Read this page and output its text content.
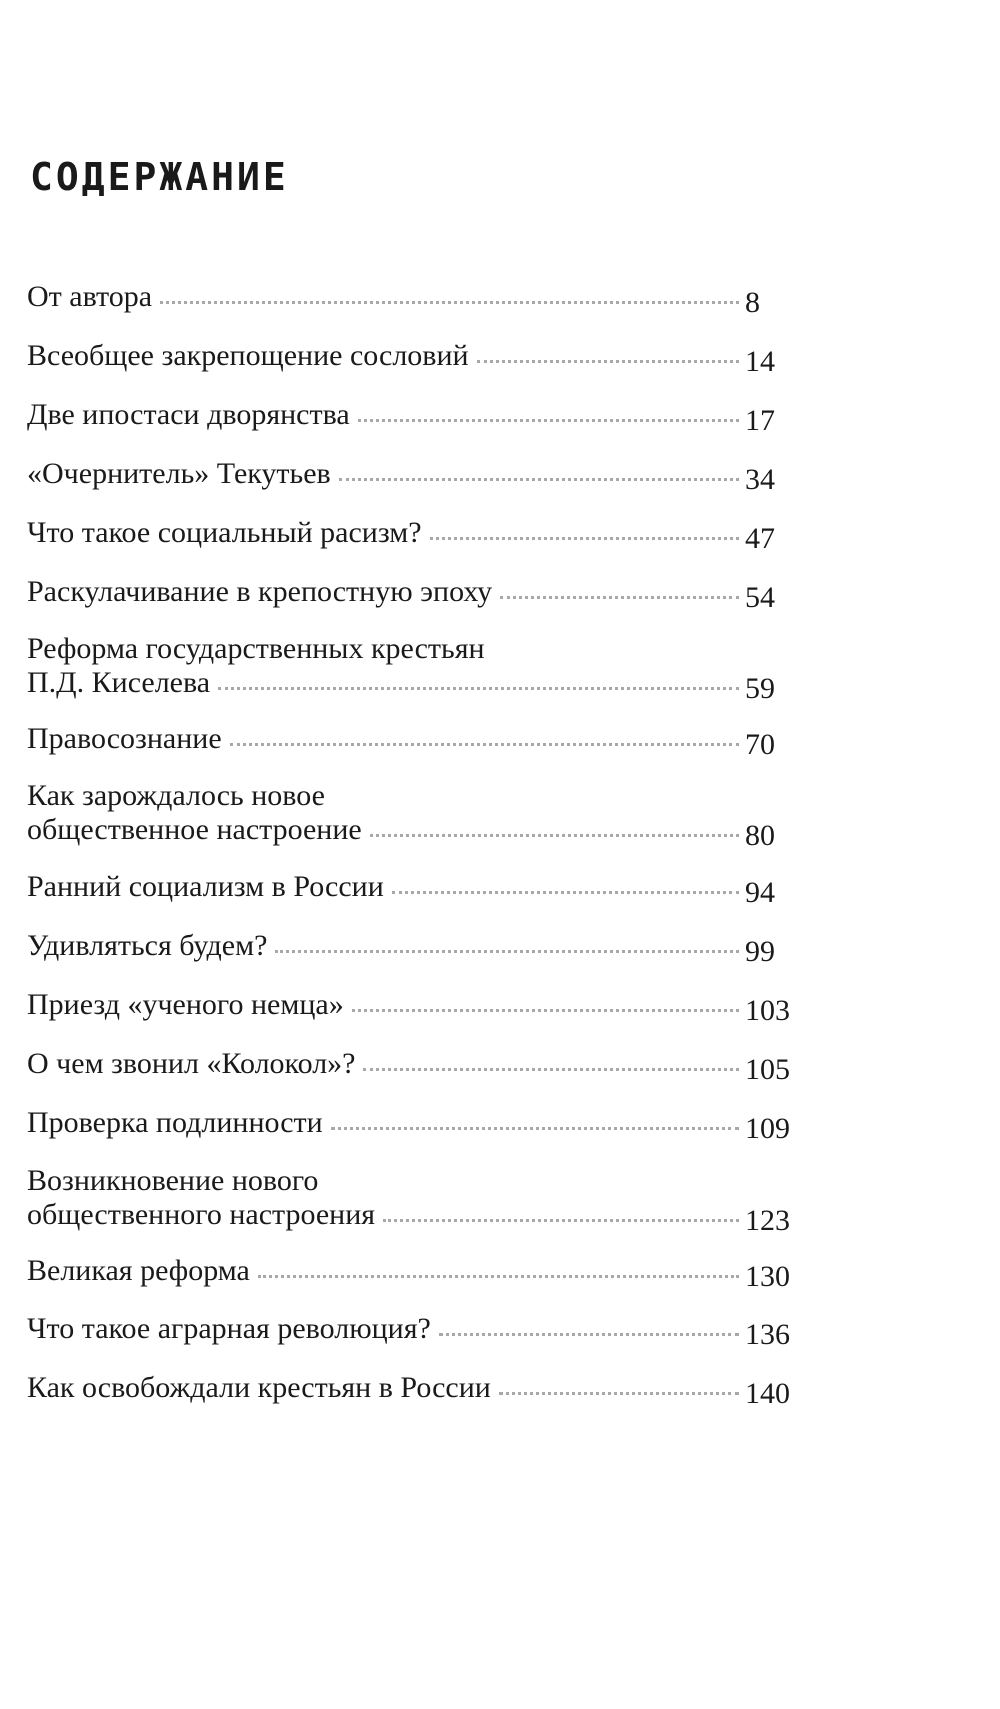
СОДЕРЖАНИЕ
От автора	8
Всеобщее закрепощение сословий	14
Две ипостаси дворянства	17
«Очернитель» Текутьев	34
Что такое социальный расизм?	47
Раскулачивание в крепостную эпоху	54
Реформа государственных крестьян
П.Д. Киселева	59
Правосознание	70
Как зарождалось новое
общественное настроение	80
Ранний социализм в России	94
Удивляться будем?	99
Приезд «ученого немца»	103
О чем звонил «Колокол»?	105
Проверка подлинности	109
Возникновение нового
общественного настроения	123
Великая реформа	130
Что такое аграрная революция?	136
Как освобождали крестьян в России	140
